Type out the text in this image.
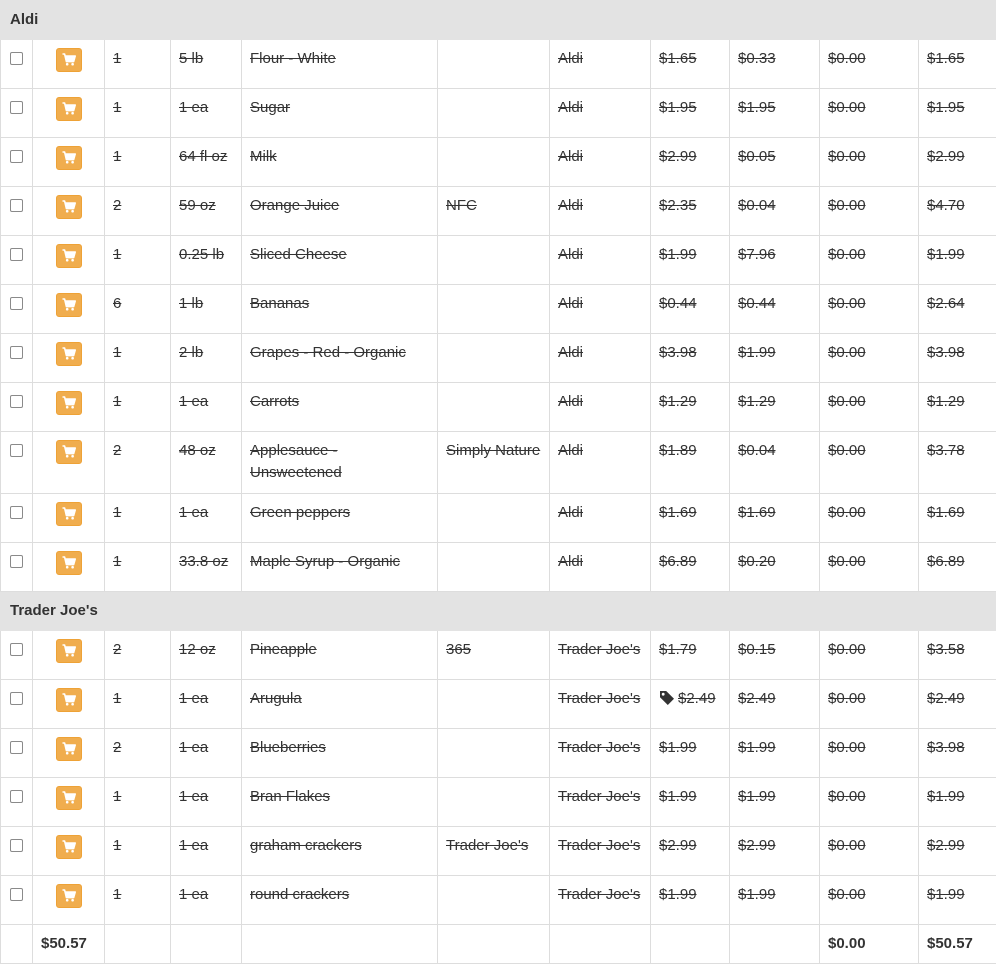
Aldi										

	1	5 lb	Flour - White		Aldi	$1.65	$0.33	$0.00	$1.65

	1	1 ea	Sugar		Aldi	$1.95	$1.95	$0.00	$1.95

	1	64 fl oz	Milk		Aldi	$2.99	$0.05	$0.00	$2.99

	2	59 oz	Orange Juice	NFC	Aldi	$2.35	$0.04	$0.00	$4.70

	1	0.25 lb	Sliced Cheese		Aldi	$1.99	$7.96	$0.00	$1.99

	6	1 lb	Bananas		Aldi	$0.44	$0.44	$0.00	$2.64

	1	2 lb	Grapes - Red - Organic		Aldi	$3.98	$1.99	$0.00	$3.98

	1	1 ea	Carrots		Aldi	$1.29	$1.29	$0.00	$1.29

	2	48 oz	Applesauce - Unsweetened	Simply Nature	Aldi	$1.89	$0.04	$0.00	$3.78

	1	1 ea	Green peppers		Aldi	$1.69	$1.69	$0.00	$1.69

	1	33.8 oz	Maple Syrup - Organic		Aldi	$6.89	$0.20	$0.00	$6.89
Trader Joe's										

	2	12 oz	Pineapple	365	Trader Joe's	$1.79	$0.15	$0.00	$3.58

	1	1 ea	Arugula		Trader Joe's	$2.49	$2.49	$0.00	$2.49

	2	1 ea	Blueberries		Trader Joe's	$1.99	$1.99	$0.00	$3.98

	1	1 ea	Bran Flakes		Trader Joe's	$1.99	$1.99	$0.00	$1.99

	1	1 ea	graham crackers	Trader Joe's	Trader Joe's	$2.99	$2.99	$0.00	$2.99

	1	1 ea	round crackers		Trader Joe's	$1.99	$1.99	$0.00	$1.99
	$50.57								$0.00	$50.57
